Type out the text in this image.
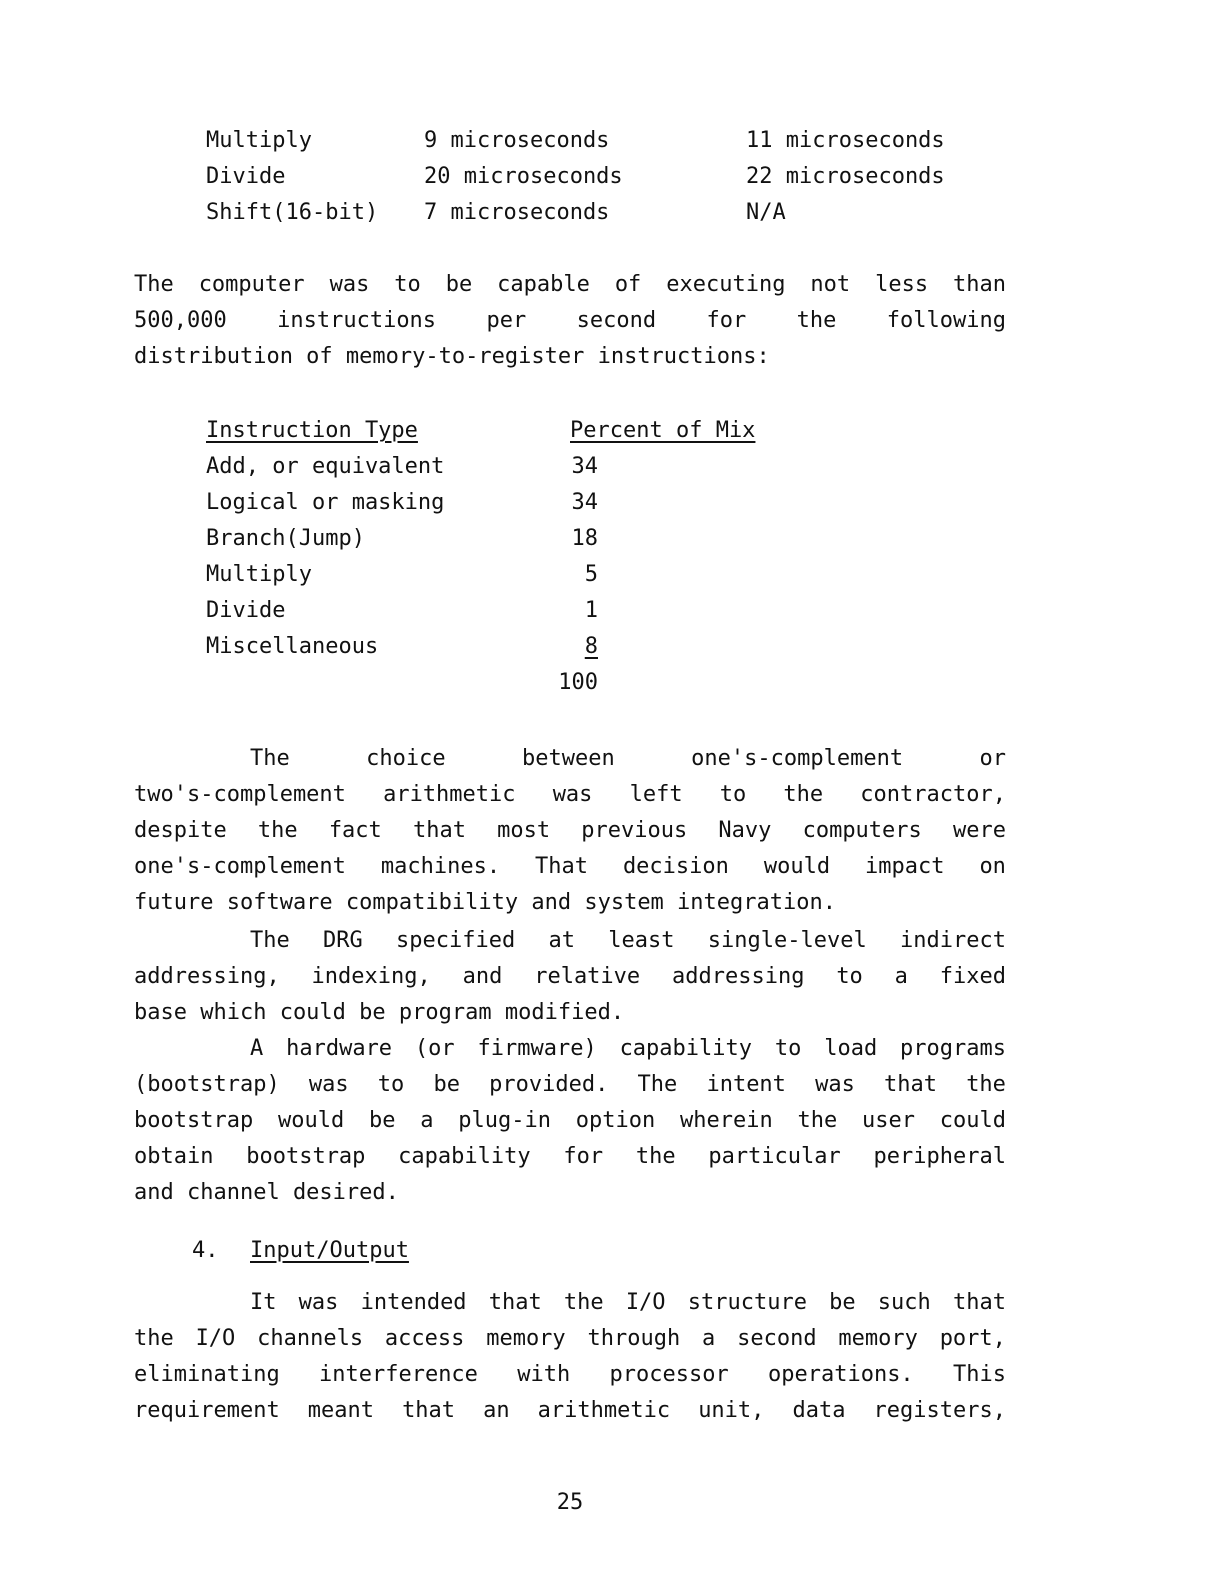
Multiply	9 microseconds	11 microseconds
Divide	20 microseconds	22 microseconds
Shift(16-bit) 7 microseconds	N/A
The computer was to be capable of executing not less than
500,000 instructions per second for the following
distribution of memory-to-register instructions:
Instruction Type	Percent of Mix
Add, or equivalent	34
Logical or masking	34
Branch(Jump)	18
Multiply	5
Divide	1
Miscellaneous	8
100
The	choice	between	one's-complement	or
two's-complement arithmetic was left to the contractor,
despite the fact that most previous Navy computers were
one's-complement machines. That decision would impact on
future software compatibility and system integration.
The DRG specified at least single-level indirect
addressing, indexing, and relative addressing to a fixed
base which could be program modified.
A hardware (or firmware) capability to load programs
(bootstrap) was to be provided. The intent was that the
bootstrap would be a plug-in option wherein the user could
obtain bootstrap capability for the particular peripheral
and channel desired.
4. Input/Output
It was intended that the I/O structure be such that
the I/O channels access memory through a second memory port,
eliminating interference with processor operations. This
requirement meant that an arithmetic unit, data registers,
25
